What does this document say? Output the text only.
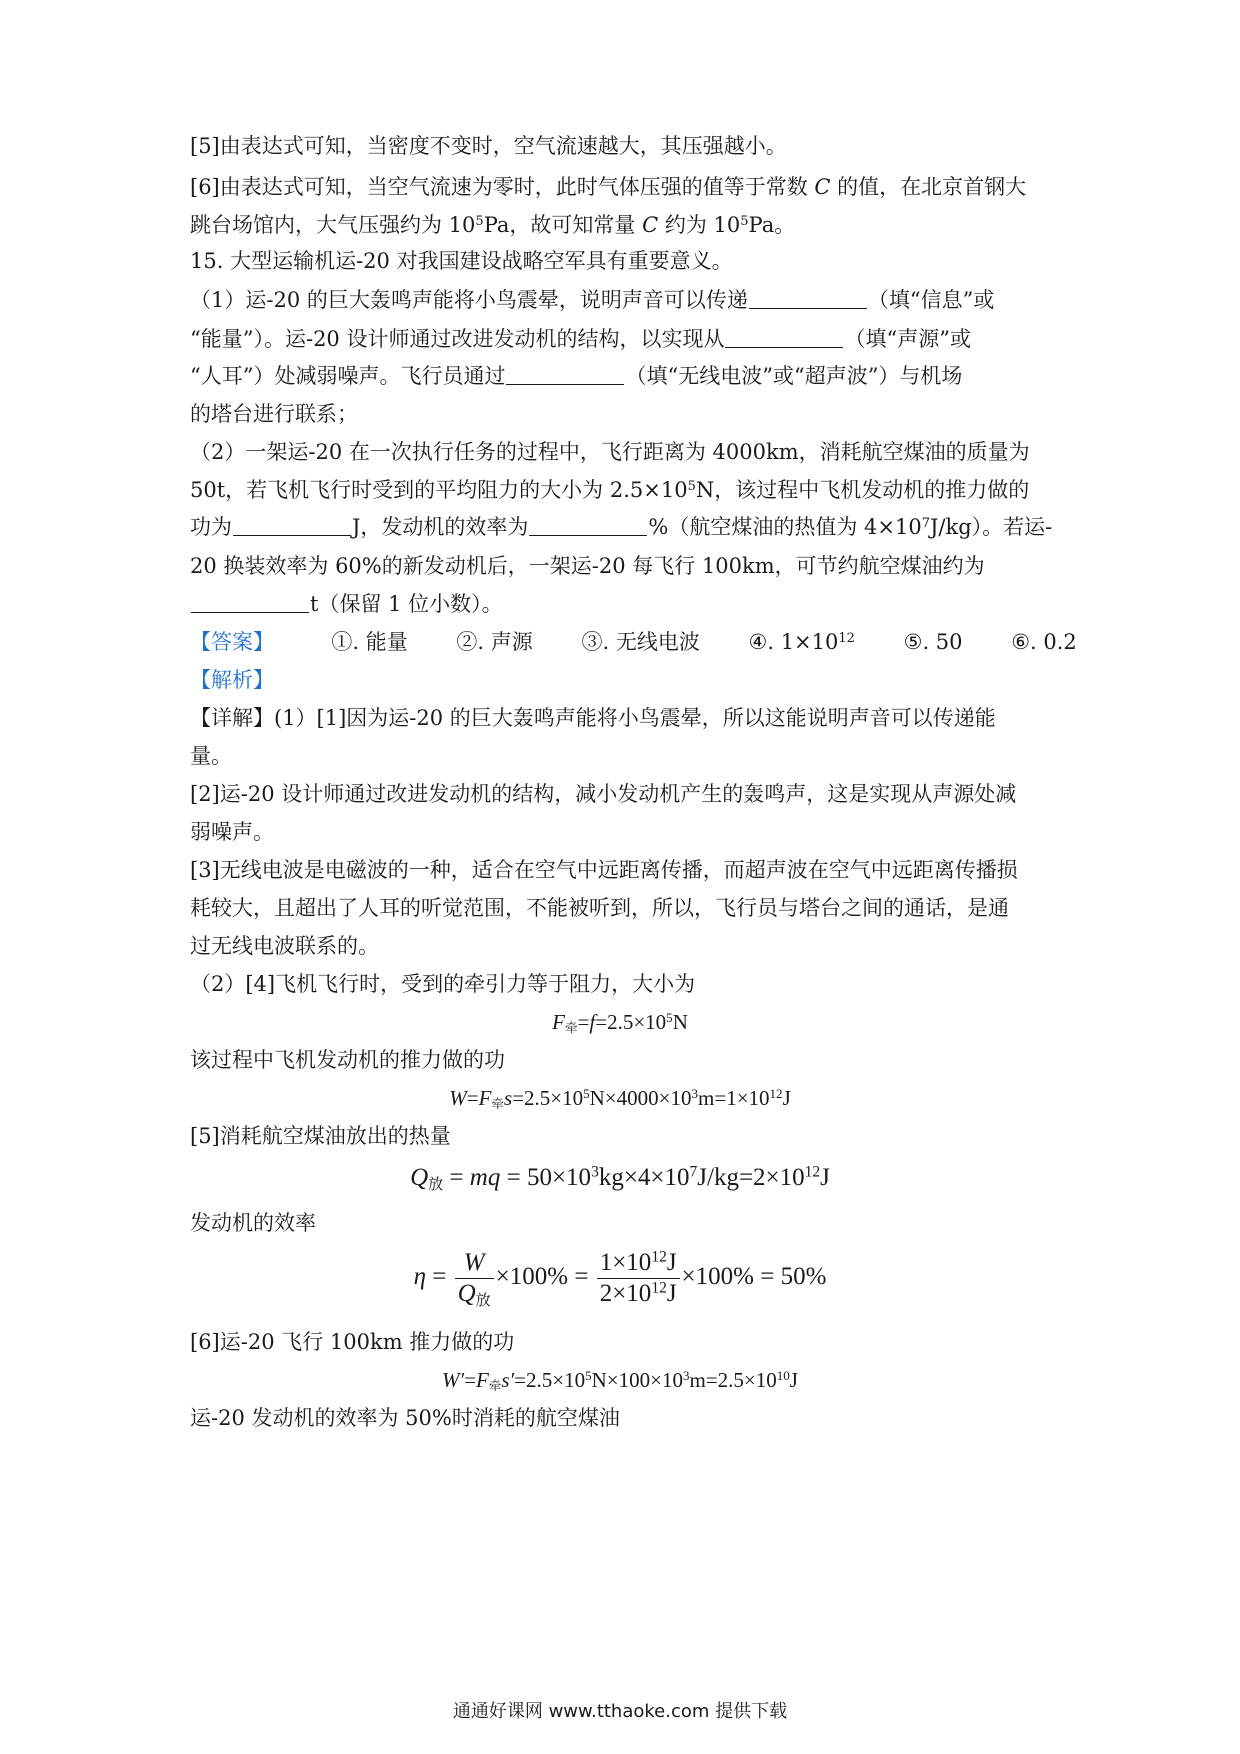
[5]由表达式可知，当密度不变时，空气流速越大，其压强越小。
[6]由表达式可知，当空气流速为零时，此时气体压强的值等于常数 C 的值，在北京首钢大
跳台场馆内，大气压强约为 $10^5Pa$，故可知常量 C 约为 $10^5Pa$。
15. 大型运输机运-20 对我国建设战略空军具有重要意义。
（1）运-20 的巨大轰鸣声能将小鸟震晕，说明声音可以传递	（填“信息”或
“能量”）。运-20 设计师通过改进发动机的结构，以实现从	（填“声源”或
“人耳”）处减弱噪声。飞行员通过	（填“无线电波”或“超声波”）与机场
的塔台进行联系；
（2）一架运-20 在一次执行任务的过程中，飞行距离为 4000km，消耗航空煤油的质量为
50t，若飞机飞行时受到的平均阻力的大小为 $2.5\times 10^5N$，该过程中飞机发动机的推力做的
功为	J，发动机的效率为	%（航空煤油的热值为 $4\times 10^7J/kg$）。若运-
20 换装效率为 60%的新发动机后，一架运-20 每飞行 100km，可节约航空煤油约为
t（保留 1 位小数）。
【答案】	①. 能量 ②. 声源 ③. 无线电波 ④. $1\times 10^{12}$ ⑤. 50 ⑥. 0.2
【解析】
【详解】(1）[1]因为运-20 的巨大轰鸣声能将小鸟震晕，所以这能说明声音可以传递能
量。
[2]运-20 设计师通过改进发动机的结构，减小发动机产生的轰鸣声，这是实现从声源处减
弱噪声。
[3]无线电波是电磁波的一种，适合在空气中远距离传播，而超声波在空气中远距离传播损
耗较大，且超出了人耳的听觉范围，不能被听到，所以，飞行员与塔台之间的通话，是通
过无线电波联系的。
（2）[4]飞机飞行时，受到的牵引力等于阻力，大小为
$F_牵=f=2.5\times 10^5N$
该过程中飞机发动机的推力做的功
$W=F_牵s=2.5\times 10^5N\times 4000\times 10^3m=1\times 10^{12}J$
[5]消耗航空煤油放出的热量
$Q_放$ = mq = $50\times 10^3kg\times 4\times 10^7J/kg=2\times 10^{12}J$
发动机的效率
$\eta = \frac{W}{Q_放} \times 100\% = \frac{1\times 10^{12}J}{2\times 10^{12}J} \times 100\% = 50\%$
[6]运-20 飞行 100km 推力做的功
$W'=F_牵s'=2.5\times 10^5N\times 100\times 10^3m=2.5\times 10^{10}J$
运-20 发动机的效率为 50%时消耗的航空煤油
通通好课网 www.tthaoke.com 提供下载
